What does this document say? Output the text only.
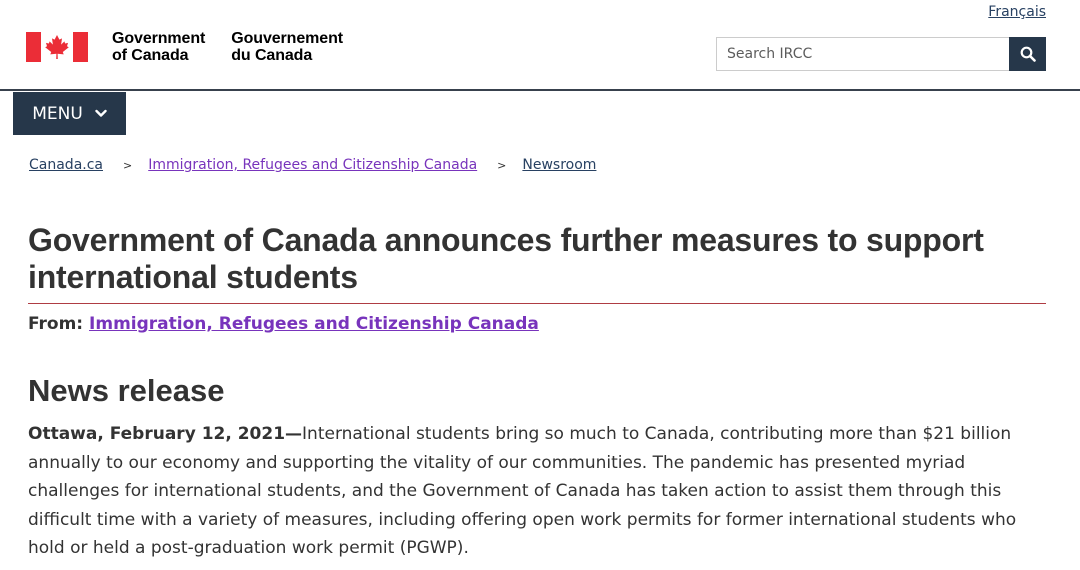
Français
Government
of Canada
Gouvernement
du Canada
Search IRCC
MENU
Canada.ca > Immigration, Refugees and Citizenship Canada > Newsroom
Government of Canada announces further measures to support international students
From: Immigration, Refugees and Citizenship Canada
News release

Ottawa, February 12, 2021—International students bring so much to Canada, contributing more than $21 billion annually to our economy and supporting the vitality of our communities. The pandemic has presented myriad challenges for international students, and the Government of Canada has taken action to assist them through this difficult time with a variety of measures, including offering open work permits for former international students who hold or held a post-graduation work permit (PGWP).
